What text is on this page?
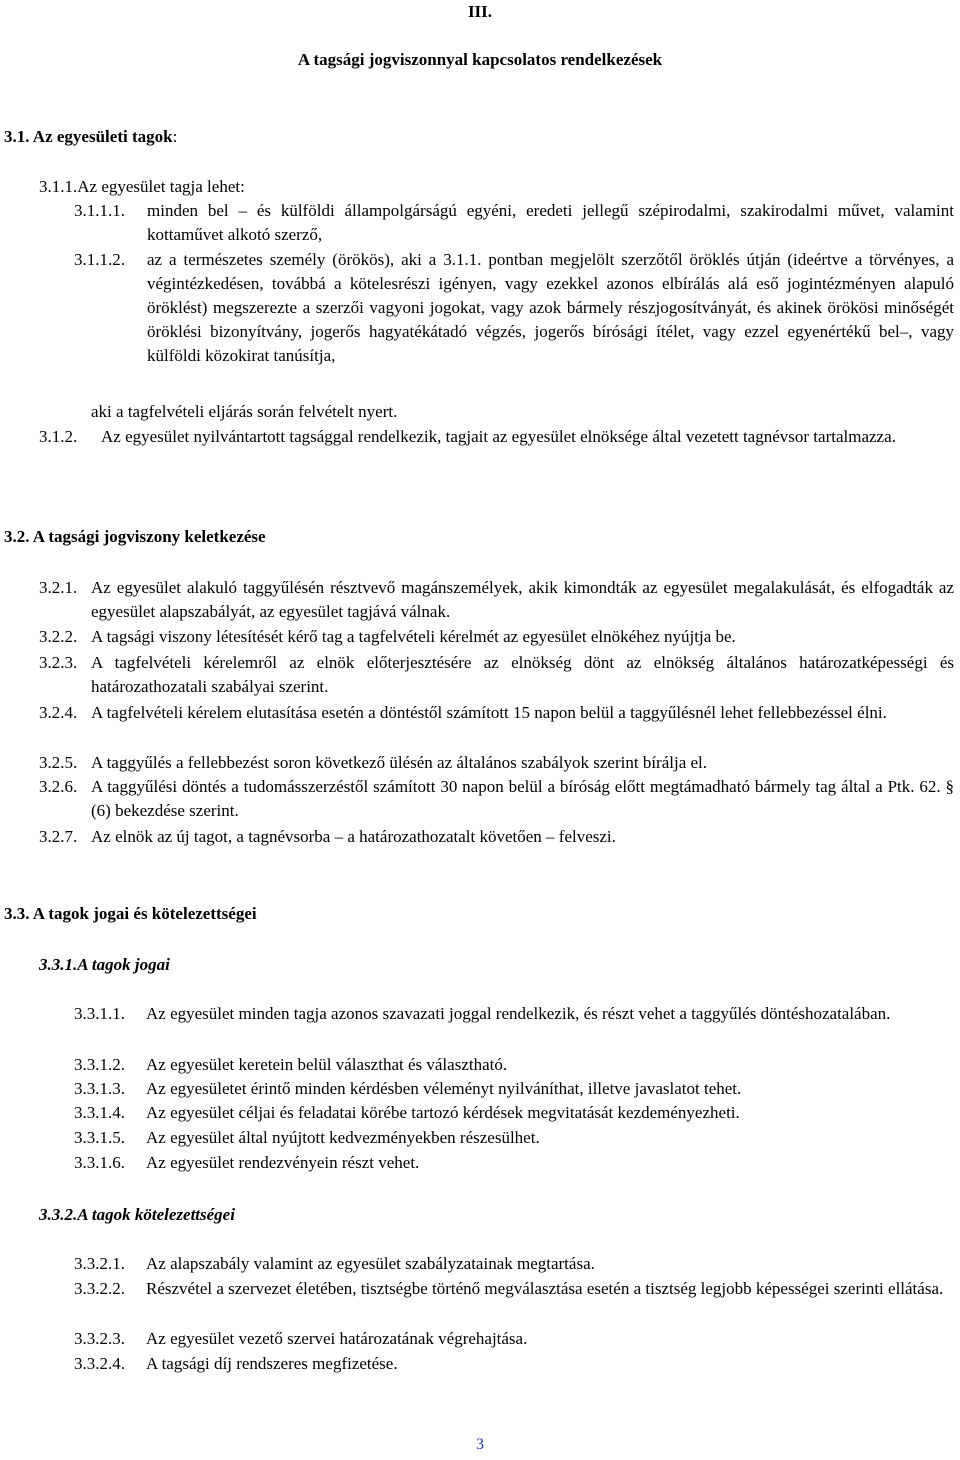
III.
A tagsági jogviszonnyal kapcsolatos rendelkezések
3.1. Az egyesületi tagok:
3.1.1.Az egyesület tagja lehet:
3.1.1.1. minden bel – és külföldi állampolgárságú egyéni, eredeti jellegű szépirodalmi, szakirodalmi művet, valamint kottaművet alkotó szerző,
3.1.1.2. az a természetes személy (örökös), aki a 3.1.1. pontban megjelölt szerzőtől öröklés útján (ideértve a törvényes, a végintézkedésen, továbbá a kötelesrészi igényen, vagy ezekkel azonos elbírálás alá eső jogintézményen alapuló öröklést) megszerezte a szerzői vagyoni jogokat, vagy azok bármely részjogosítványát, és akinek örökösi minőségét öröklési bizonyítvány, jogerős hagyatékátadó végzés, jogerős bírósági ítélet, vagy ezzel egyenértékű bel–, vagy külföldi közokirat tanúsítja,
aki a tagfelvételi eljárás során felvételt nyert.
3.1.2. Az egyesület nyilvántartott tagsággal rendelkezik, tagjait az egyesület elnöksége által vezetett tagnévsor tartalmazza.
3.2. A tagsági jogviszony keletkezése
3.2.1. Az egyesület alakuló taggyűlésén résztvevő magánszemélyek, akik kimondták az egyesület megalakulását, és elfogadták az egyesület alapszabályát, az egyesület tagjává válnak.
3.2.2. A tagsági viszony létesítését kérő tag a tagfelvételi kérelmét az egyesület elnökéhez nyújtja be.
3.2.3. A tagfelvételi kérelemről az elnök előterjesztésére az elnökség dönt az elnökség általános határozatképességi és határozathozatali szabályai szerint.
3.2.4. A tagfelvételi kérelem elutasítása esetén a döntéstől számított 15 napon belül a taggyűlésnél lehet fellebbezéssel élni.
3.2.5. A taggyűlés a fellebbezést soron következő ülésén az általános szabályok szerint bírálja el.
3.2.6. A taggyűlési döntés a tudomásszerzéstől számított 30 napon belül a bíróság előtt megtámadható bármely tag által a Ptk. 62. § (6) bekezdése szerint.
3.2.7. Az elnök az új tagot, a tagnévsorba – a határozathozatalt követően – felveszi.
3.3. A tagok jogai és kötelezettségei
3.3.1.A tagok jogai
3.3.1.1. Az egyesület minden tagja azonos szavazati joggal rendelkezik, és részt vehet a taggyűlés döntéshozatalában.
3.3.1.2. Az egyesület keretein belül választhat és választható.
3.3.1.3. Az egyesületet érintő minden kérdésben véleményt nyilváníthat, illetve javaslatot tehet.
3.3.1.4. Az egyesület céljai és feladatai körébe tartozó kérdések megvitatását kezdeményezheti.
3.3.1.5. Az egyesület által nyújtott kedvezményekben részesülhet.
3.3.1.6. Az egyesület rendezvényein részt vehet.
3.3.2.A tagok kötelezettségei
3.3.2.1. Az alapszabály valamint az egyesület szabályzatainak megtartása.
3.3.2.2. Részvétel a szervezet életében, tisztségbe történő megválasztása esetén a tisztség legjobb képességei szerinti ellátása.
3.3.2.3. Az egyesület vezető szervei határozatának végrehajtása.
3.3.2.4. A tagsági díj rendszeres megfizetése.
3
